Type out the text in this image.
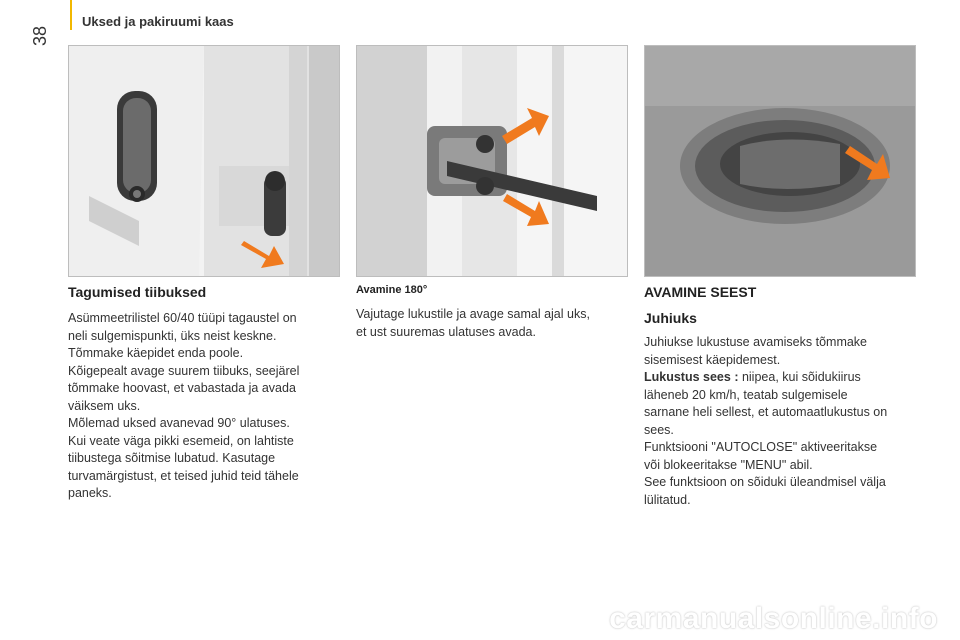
38
Uksed ja pakiruumi kaas
Tagumised tiibuksed

Asümmeetrilistel 60/40 tüüpi tagaustel on
neli sulgemispunkti, üks neist keskne.
Tõmmake käepidet enda poole.
Kõigepealt avage suurem tiibuks, seejärel
tõmmake hoovast, et vabastada ja avada
väiksem uks.
Mõlemad uksed avanevad 90° ulatuses.
Kui veate väga pikki esemeid, on lahtiste
tiibustega sõitmise lubatud. Kasutage
turvamärgistust, et teised juhid teid tähele
paneks.

Avamine 180°

Vajutage lukustile ja avage samal ajal uks,
et ust suuremas ulatuses avada.

AVAMINE SEEST
Juhiuks

Juhiukse lukustuse avamiseks tõmmake
sisemisest käepidemest.
Lukustus sees : niipea, kui sõidukiirus
läheneb 20 km/h, teatab sulgemisele
sarnane heli sellest, et automaatlukustus on
sees.
Funktsiooni "AUTOCLOSE" aktiveeritakse
või blokeeritakse "MENU" abil.
See funktsioon on sõiduki üleandmisel välja
lülitatud.

carmanualsonline.info
